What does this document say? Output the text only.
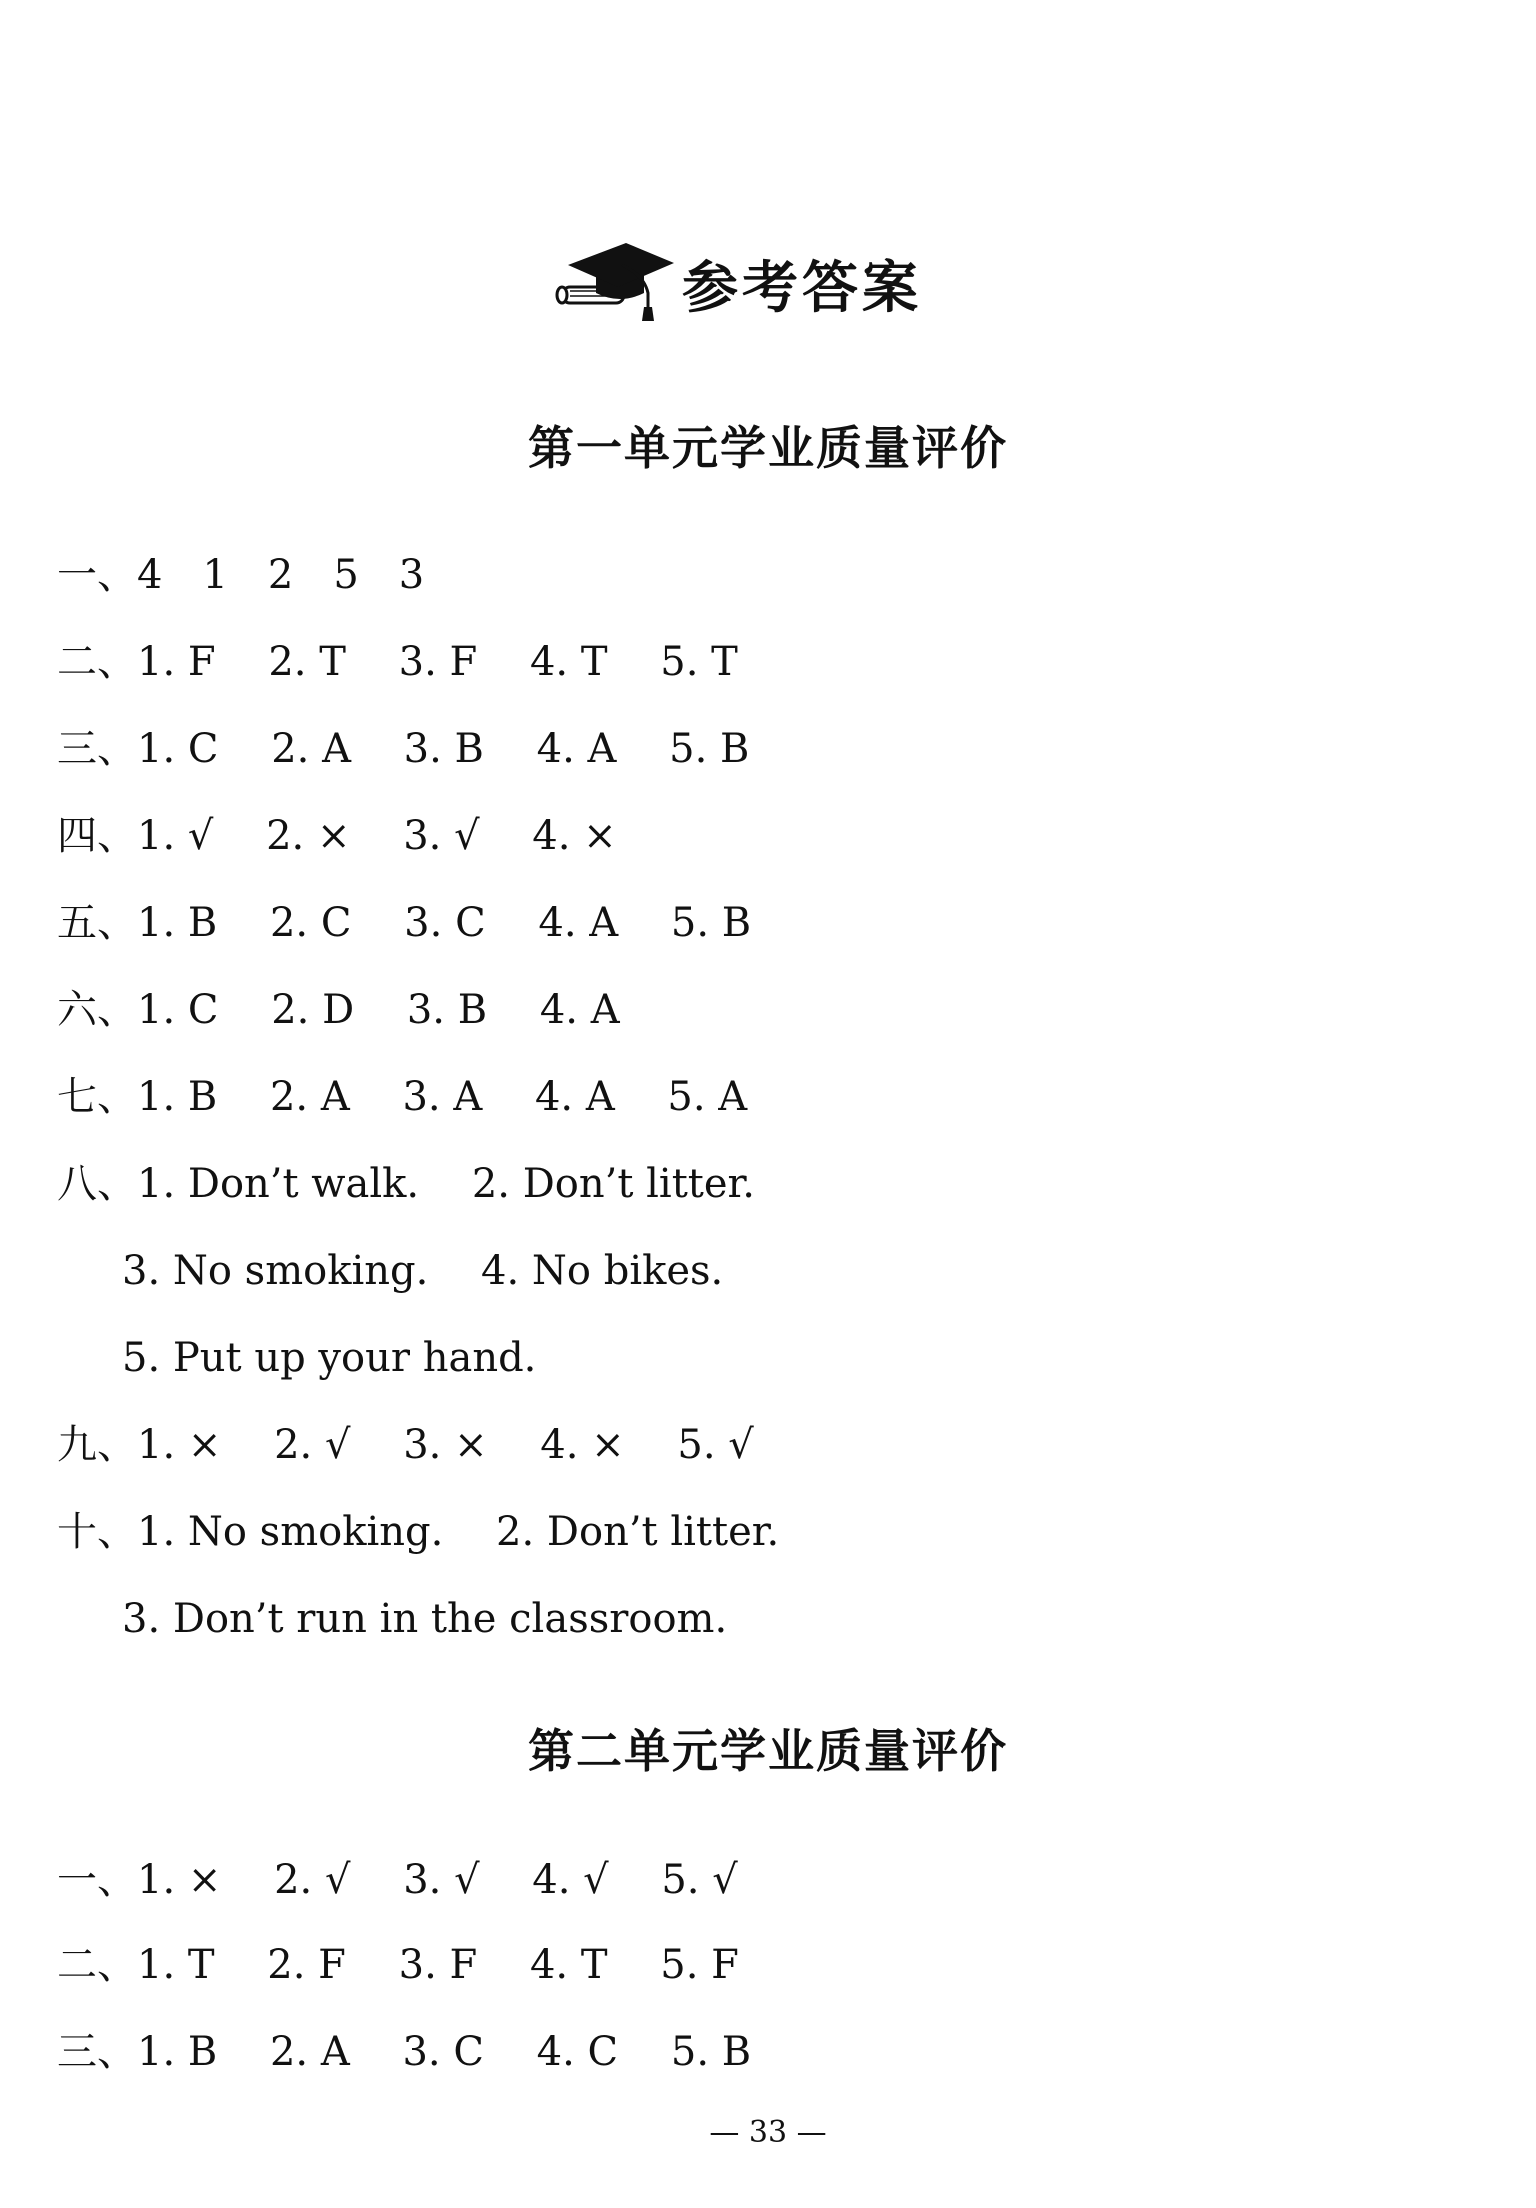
参考答案
第一单元学业质量评价
一、4　1　2　5　3
二、1. F　 2. T　 3. F　 4. T　 5. T
三、1. C　 2. A　 3. B　 4. A　 5. B
四、1. √　 2. ×　 3. √　 4. ×
五、1. B　 2. C　 3. C　 4. A　 5. B
六、1. C　 2. D　 3. B　 4. A
七、1. B　 2. A　 3. A　 4. A　 5. A
八、1. Don’t walk.　 2. Don’t litter.
3. No smoking.　 4. No bikes.
5. Put up your hand.
九、1. ×　 2. √　 3. ×　 4. ×　 5. √
十、1. No smoking.　 2. Don’t litter.
3. Don’t run in the classroom.
第二单元学业质量评价
一、1. ×　 2. √　 3. √　 4. √　 5. √
二、1. T　 2. F　 3. F　 4. T　 5. F
三、1. B　 2. A　 3. C　 4. C　 5. B
— 33 —
